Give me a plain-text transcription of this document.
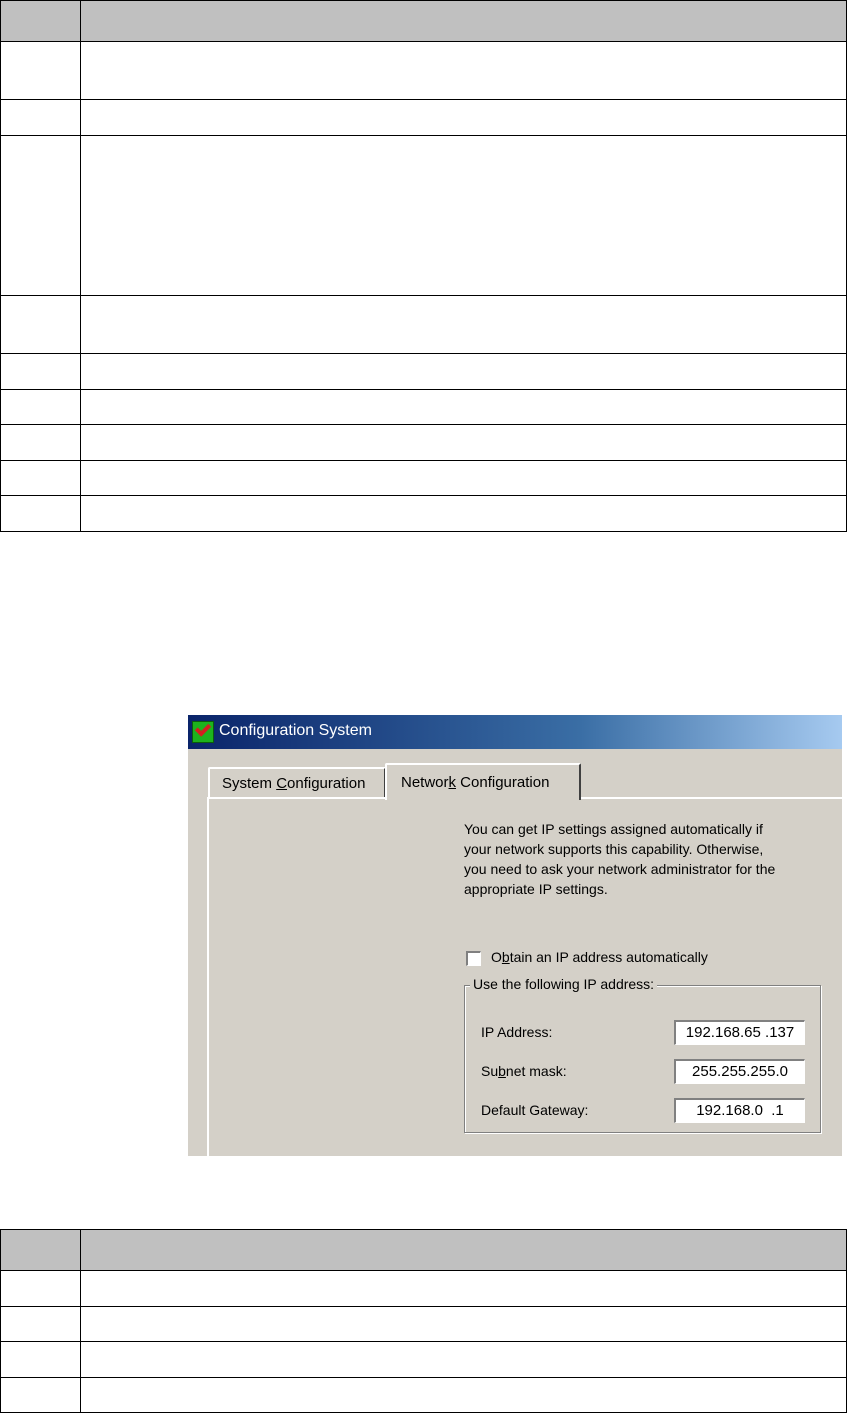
Configuration System
System Configuration Network Configuration
You can get IP settings assigned automatically if
your network supports this capability. Otherwise,
you need to ask your network administrator for the
appropriate IP settings.
Obtain an IP address automatically
Use the following IP address:
IP Address:	192.168.65 .137
Subnet mask:	255.255.255.0
Default Gateway:	192.168.0  .1
